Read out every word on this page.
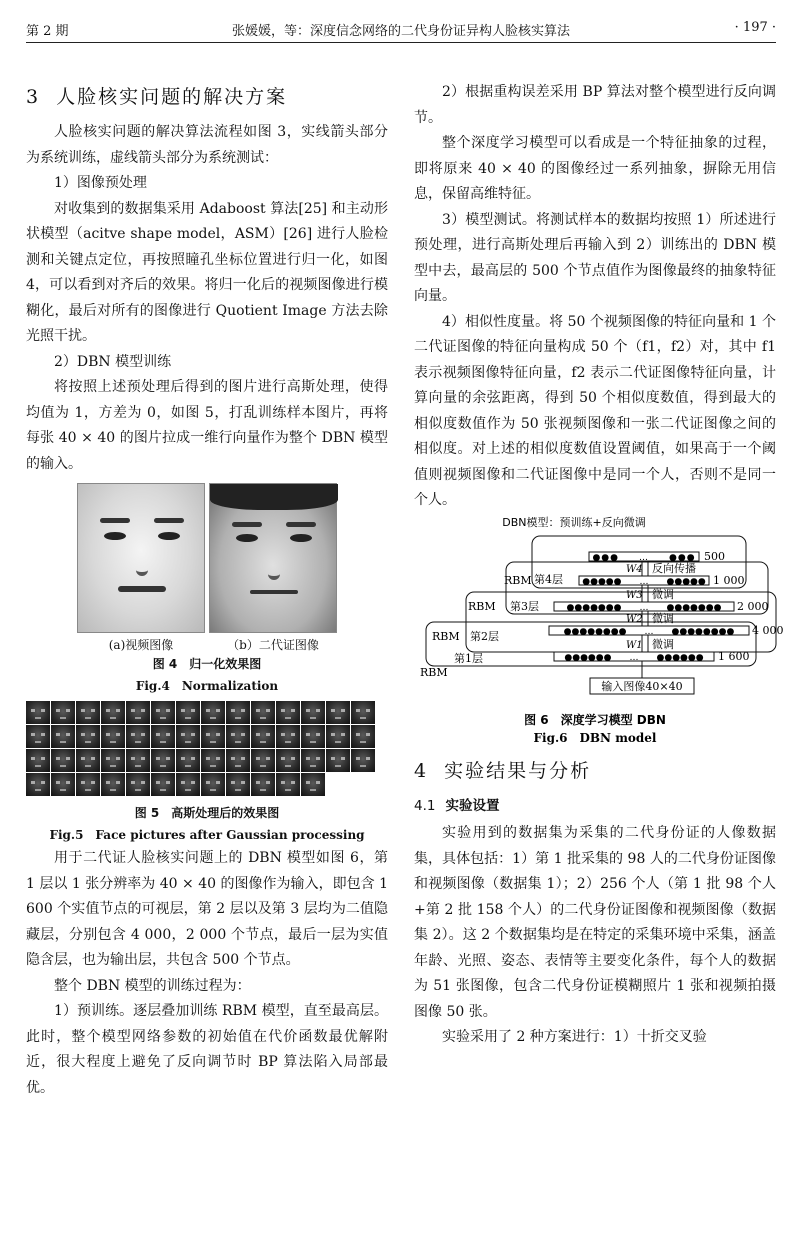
第 2 期	张媛媛，等：深度信念网络的二代身份证异构人脸核实算法	· 197 ·
3 人脸核实问题的解决方案

人脸核实问题的解决算法流程如图 3，实线箭头部分为系统训练，虚线箭头部分为系统测试：

1）图像预处理

对收集到的数据集采用 Adaboost 算法[25] 和主动形状模型（acitve shape model，ASM）[26] 进行人脸检测和关键点定位，再按照瞳孔坐标位置进行归一化，如图 4，可以看到对齐后的效果。将归一化后的视频图像进行模糊化，最后对所有的图像进行 Quotient Image 方法去除光照干扰。

2）DBN 模型训练

将按照上述预处理后得到的图片进行高斯处理，使得均值为 1，方差为 0，如图 5，打乱训练样本图片，再将每张 40 × 40 的图片拉成一维行向量作为整个 DBN 模型的输入。

(a)视频图像	（b）二代证图像
图 4　归一化效果图
Fig.4　Normalization
图 5　高斯处理后的效果图
Fig.5　Face pictures after Gaussian processing

用于二代证人脸核实问题上的 DBN 模型如图 6，第 1 层以 1 张分辨率为 40 × 40 的图像作为输入，即包含 1 600 个实值节点的可视层，第 2 层以及第 3 层均为二值隐藏层，分别包含 4 000，2 000 个节点，最后一层为实值隐含层，也为输出层，共包含 500 个节点。

整个 DBN 模型的训练过程为：

1）预训练。逐层叠加训练 RBM 模型，直至最高层。此时，整个模型网络参数的初始值在代价函数最优解附近，很大程度上避免了反向调节时 BP 算法陷入局部最优。

2）根据重构误差采用 BP 算法对整个模型进行反向调节。

整个深度学习模型可以看成是一个特征抽象的过程，即将原来 40 × 40 的图像经过一系列抽象，摒除无用信息，保留高维特征。

3）模型测试。将测试样本的数据均按照 1）所述进行预处理，进行高斯处理后再输入到 2）训练出的 DBN 模型中去，最高层的 500 个节点值作为图像最终的抽象特征向量。

4）相似性度量。将 50 个视频图像的特征向量和 1 个二代证图像的特征向量构成 50 个（f1，f2）对，其中 f1 表示视频图像特征向量，f2 表示二代证图像特征向量，计算向量的余弦距离，得到 50 个相似度数值，得到最大的相似度数值作为 50 张视频图像和一张二代证图像之间的相似度。对上述的相似度数值设置阈值，如果高于一个阈值则视频图像和二代证图像中是同一个人，否则不是同一个人。

DBN模型：预训练+反向微调
●●●　　…　　●●●
●●●●●　　…　　●●●●●
●●●●●●●　　…　　●●●●●●●
●●●●●●●●　　…　　●●●●●●●●
●●●●●●　　…　　●●●●●●
500
1 000
2 000
4 000
1 600
W4
W3
W2
W1
反向传播
微调
微调
微调
RBM 第4层
RBM 第3层
RBM 第2层
第1层
RBM
输入图像40×40
图 6　深度学习模型 DBN
Fig.6　DBN model
4 实验结果与分析
4.1 实验设置

实验用到的数据集为采集的二代身份证的人像数据集，具体包括：1）第 1 批采集的 98 人的二代身份证图像和视频图像（数据集 1）；2）256 个人（第 1 批 98 个人+第 2 批 158 个人）的二代身份证图像和视频图像（数据集 2）。这 2 个数据集均是在特定的采集环境中采集，涵盖年龄、光照、姿态、表情等主要变化条件，每个人的数据为 51 张图像，包含二代身份证模糊照片 1 张和视频拍摄图像 50 张。

实验采用了 2 种方案进行：1）十折交叉验
